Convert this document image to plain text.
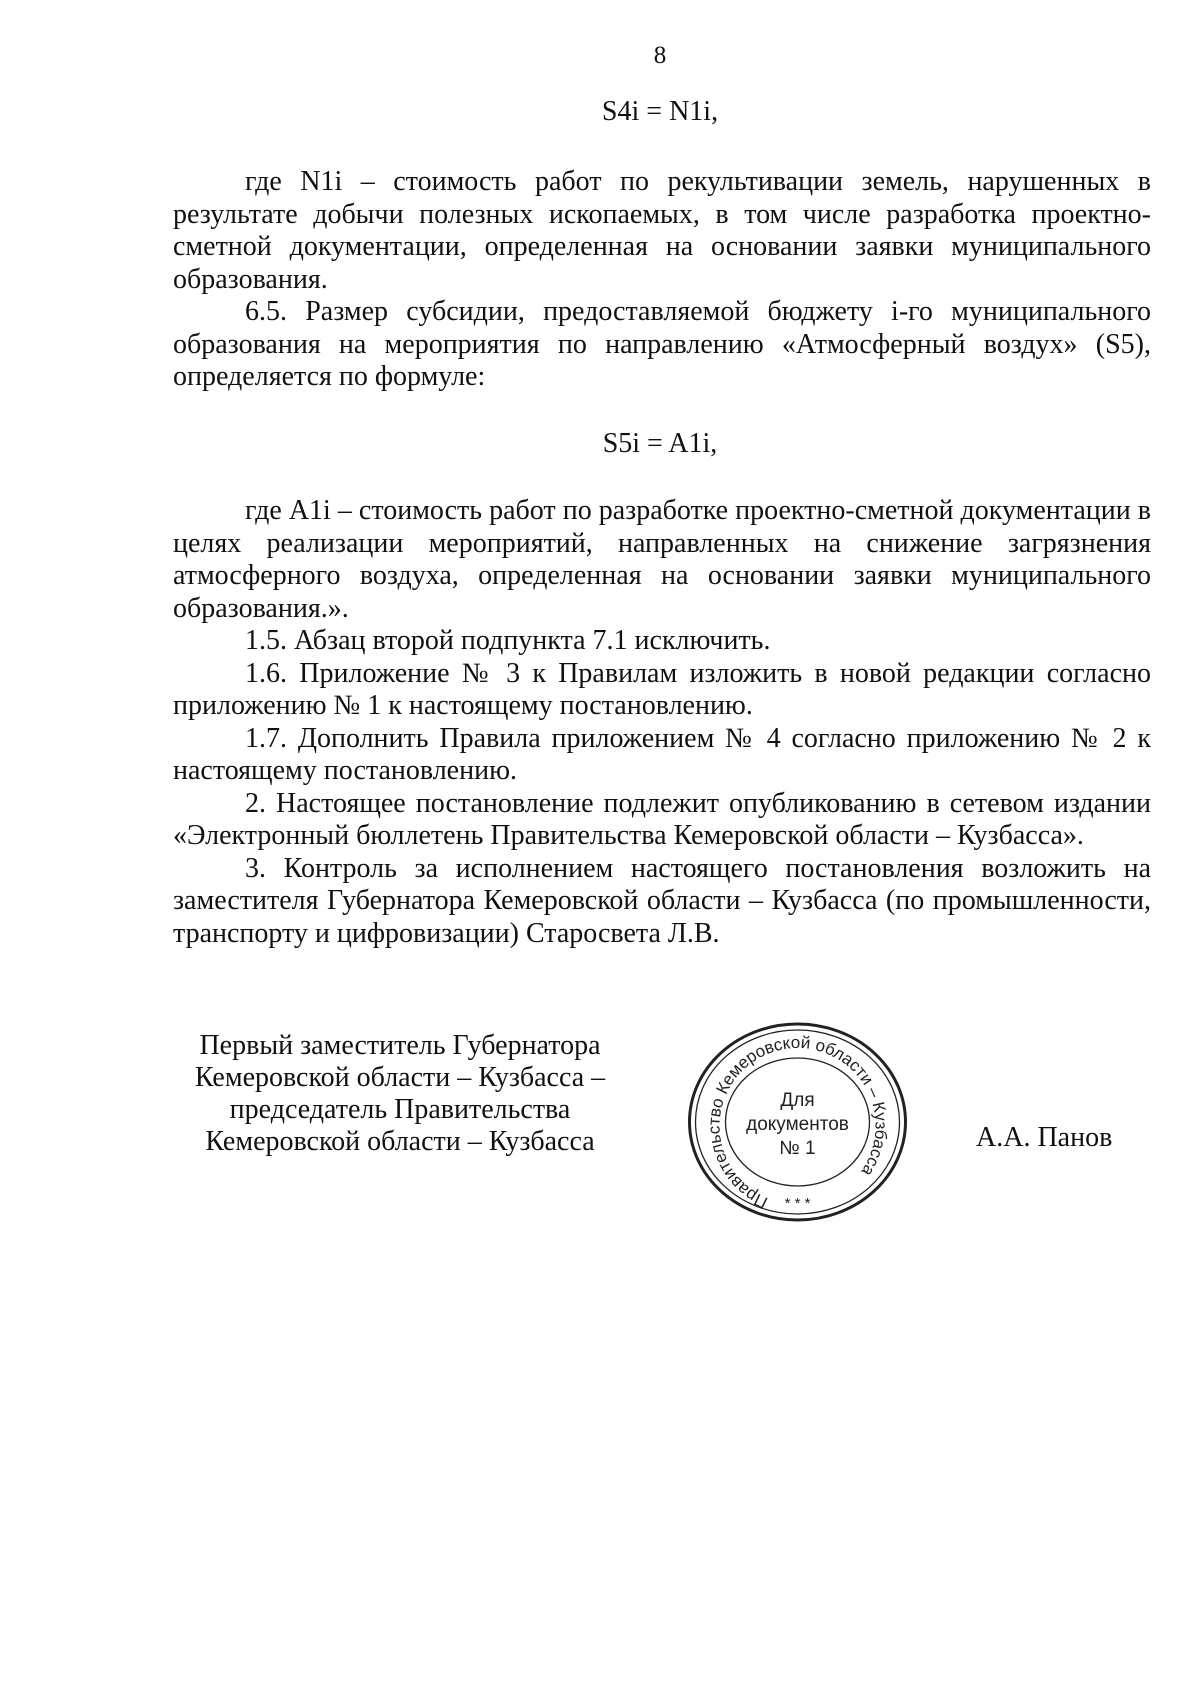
8
S4i = N1i,

где N1i – стоимость работ по рекультивации земель, нарушенных в результате добычи полезных ископаемых, в том числе разработка проектно-сметной документации, определенная на основании заявки муниципального образования.

6.5. Размер субсидии, предоставляемой бюджету i-го муниципального образования на мероприятия по направлению «Атмосферный воздух» (S5), определяется по формуле:

S5i = A1i,

где A1i – стоимость работ по разработке проектно-сметной документации в целях реализации мероприятий, направленных на снижение загрязнения атмосферного воздуха, определенная на основании заявки муниципального образования.».

1.5. Абзац второй подпункта 7.1 исключить.

1.6. Приложение № 3 к Правилам изложить в новой редакции согласно приложению № 1 к настоящему постановлению.

1.7. Дополнить Правила приложением № 4 согласно приложению № 2 к настоящему постановлению.

2. Настоящее постановление подлежит опубликованию в сетевом издании «Электронный бюллетень Правительства Кемеровской области – Кузбасса».

3. Контроль за исполнением настоящего постановления возложить на заместителя Губернатора Кемеровской области – Кузбасса (по промышленности, транспорту и цифровизации) Старосвета Л.В.

Первый заместитель Губернатора
Кемеровской области – Кузбасса –
председатель Правительства
Кемеровской области – Кузбасса
Правительство Кемеровской области – Кузбасса
* * *
Для
документов
№ 1	А.А. Панов
